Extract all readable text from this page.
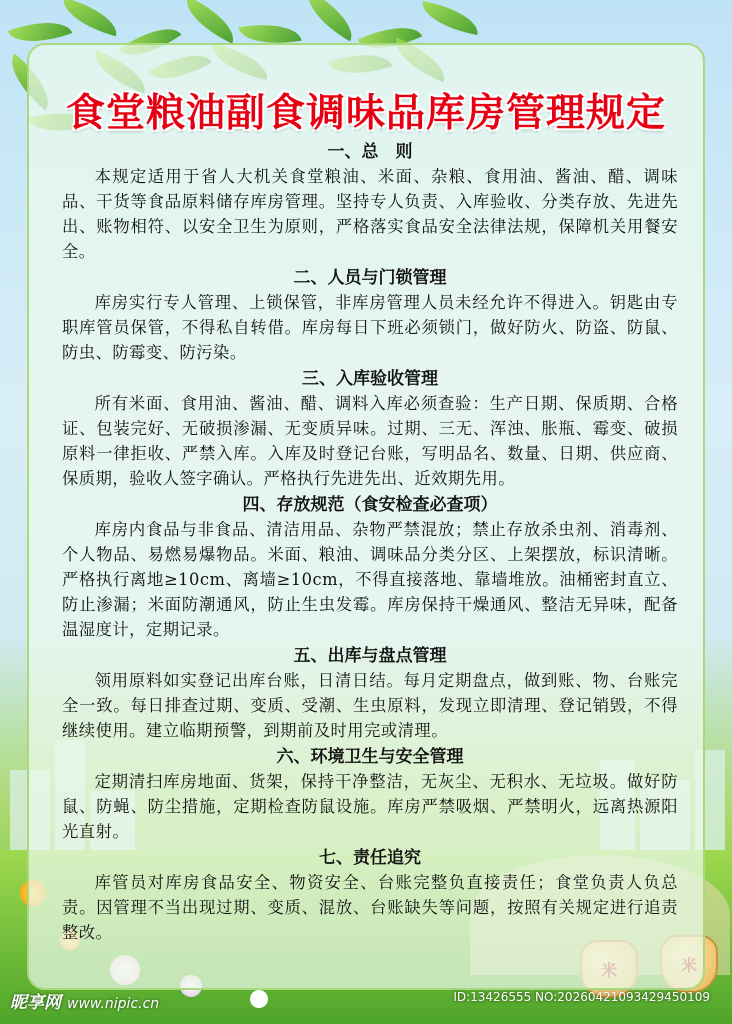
食堂粮油副食调味品库房管理规定

一、总　则

本规定适用于省人大机关食堂粮油、米面、杂粮、食用油、酱油、醋、调味品、干货等食品原料储存库房管理。坚持专人负责、入库验收、分类存放、先进先出、账物相符、以安全卫生为原则，严格落实食品安全法律法规，保障机关用餐安全。

二、人员与门锁管理

库房实行专人管理、上锁保管，非库房管理人员未经允许不得进入。钥匙由专职库管员保管，不得私自转借。库房每日下班必须锁门，做好防火、防盗、防鼠、防虫、防霉变、防污染。

三、入库验收管理

所有米面、食用油、酱油、醋、调料入库必须查验：生产日期、保质期、合格证、包装完好、无破损渗漏、无变质异味。过期、三无、浑浊、胀瓶、霉变、破损原料一律拒收、严禁入库。入库及时登记台账，写明品名、数量、日期、供应商、保质期，验收人签字确认。严格执行先进先出、近效期先用。

四、存放规范（食安检查必查项）

库房内食品与非食品、清洁用品、杂物严禁混放；禁止存放杀虫剂、消毒剂、个人物品、易燃易爆物品。米面、粮油、调味品分类分区、上架摆放，标识清晰。严格执行离地≥10cm、离墙≥10cm，不得直接落地、靠墙堆放。油桶密封直立、防止渗漏；米面防潮通风，防止生虫发霉。库房保持干燥通风、整洁无异味，配备温湿度计，定期记录。

五、出库与盘点管理

领用原料如实登记出库台账，日清日结。每月定期盘点，做到账、物、台账完全一致。每日排查过期、变质、受潮、生虫原料，发现立即清理、登记销毁，不得继续使用。建立临期预警，到期前及时用完或清理。

六、环境卫生与安全管理

定期清扫库房地面、货架，保持干净整洁，无灰尘、无积水、无垃圾。做好防鼠、防蝇、防尘措施，定期检查防鼠设施。库房严禁吸烟、严禁明火，远离热源阳光直射。

七、责任追究

库管员对库房食品安全、物资安全、台账完整负直接责任；食堂负责人负总责。因管理不当出现过期、变质、混放、台账缺失等问题，按照有关规定进行追责整改。

昵享网 www.nipic.cn	ID:13426555 NO:20260421093429450109
